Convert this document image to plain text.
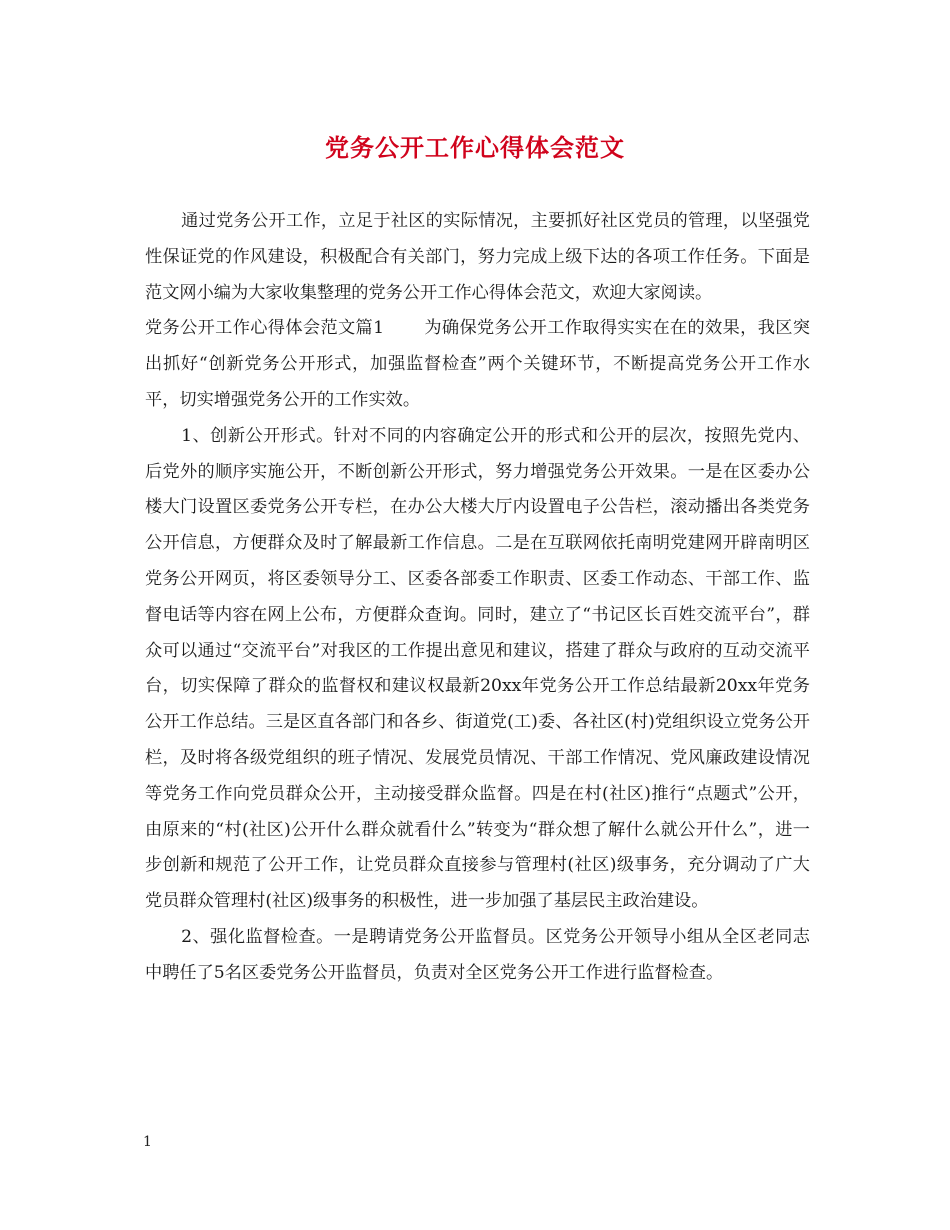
党务公开工作心得体会范文

通过党务公开工作，立足于社区的实际情况，主要抓好社区党员的管理，以坚强党性保证党的作风建设，积极配合有关部门，努力完成上级下达的各项工作任务。下面是范文网小编为大家收集整理的党务公开工作心得体会范文，欢迎大家阅读。

党务公开工作心得体会范文篇1 为确保党务公开工作取得实实在在的效果，我区突出抓好“创新党务公开形式，加强监督检查”两个关键环节，不断提高党务公开工作水平，切实增强党务公开的工作实效。

1、创新公开形式。针对不同的内容确定公开的形式和公开的层次，按照先党内、后党外的顺序实施公开，不断创新公开形式，努力增强党务公开效果。一是在区委办公楼大门设置区委党务公开专栏，在办公大楼大厅内设置电子公告栏，滚动播出各类党务公开信息，方便群众及时了解最新工作信息。二是在互联网依托南明党建网开辟南明区党务公开网页，将区委领导分工、区委各部委工作职责、区委工作动态、干部工作、监督电话等内容在网上公布，方便群众查询。同时，建立了“书记区长百姓交流平台”，群众可以通过“交流平台”对我区的工作提出意见和建议，搭建了群众与政府的互动交流平台，切实保障了群众的监督权和建议权最新20xx年党务公开工作总结最新20xx年党务公开工作总结。三是区直各部门和各乡、街道党(工)委、各社区(村)党组织设立党务公开栏，及时将各级党组织的班子情况、发展党员情况、干部工作情况、党风廉政建设情况等党务工作向党员群众公开，主动接受群众监督。四是在村(社区)推行“点题式”公开，由原来的“村(社区)公开什么群众就看什么”转变为“群众想了解什么就公开什么”，进一步创新和规范了公开工作，让党员群众直接参与管理村(社区)级事务，充分调动了广大党员群众管理村(社区)级事务的积极性，进一步加强了基层民主政治建设。

2、强化监督检查。一是聘请党务公开监督员。区党务公开领导小组从全区老同志中聘任了5名区委党务公开监督员，负责对全区党务公开工作进行监督检查。

1
